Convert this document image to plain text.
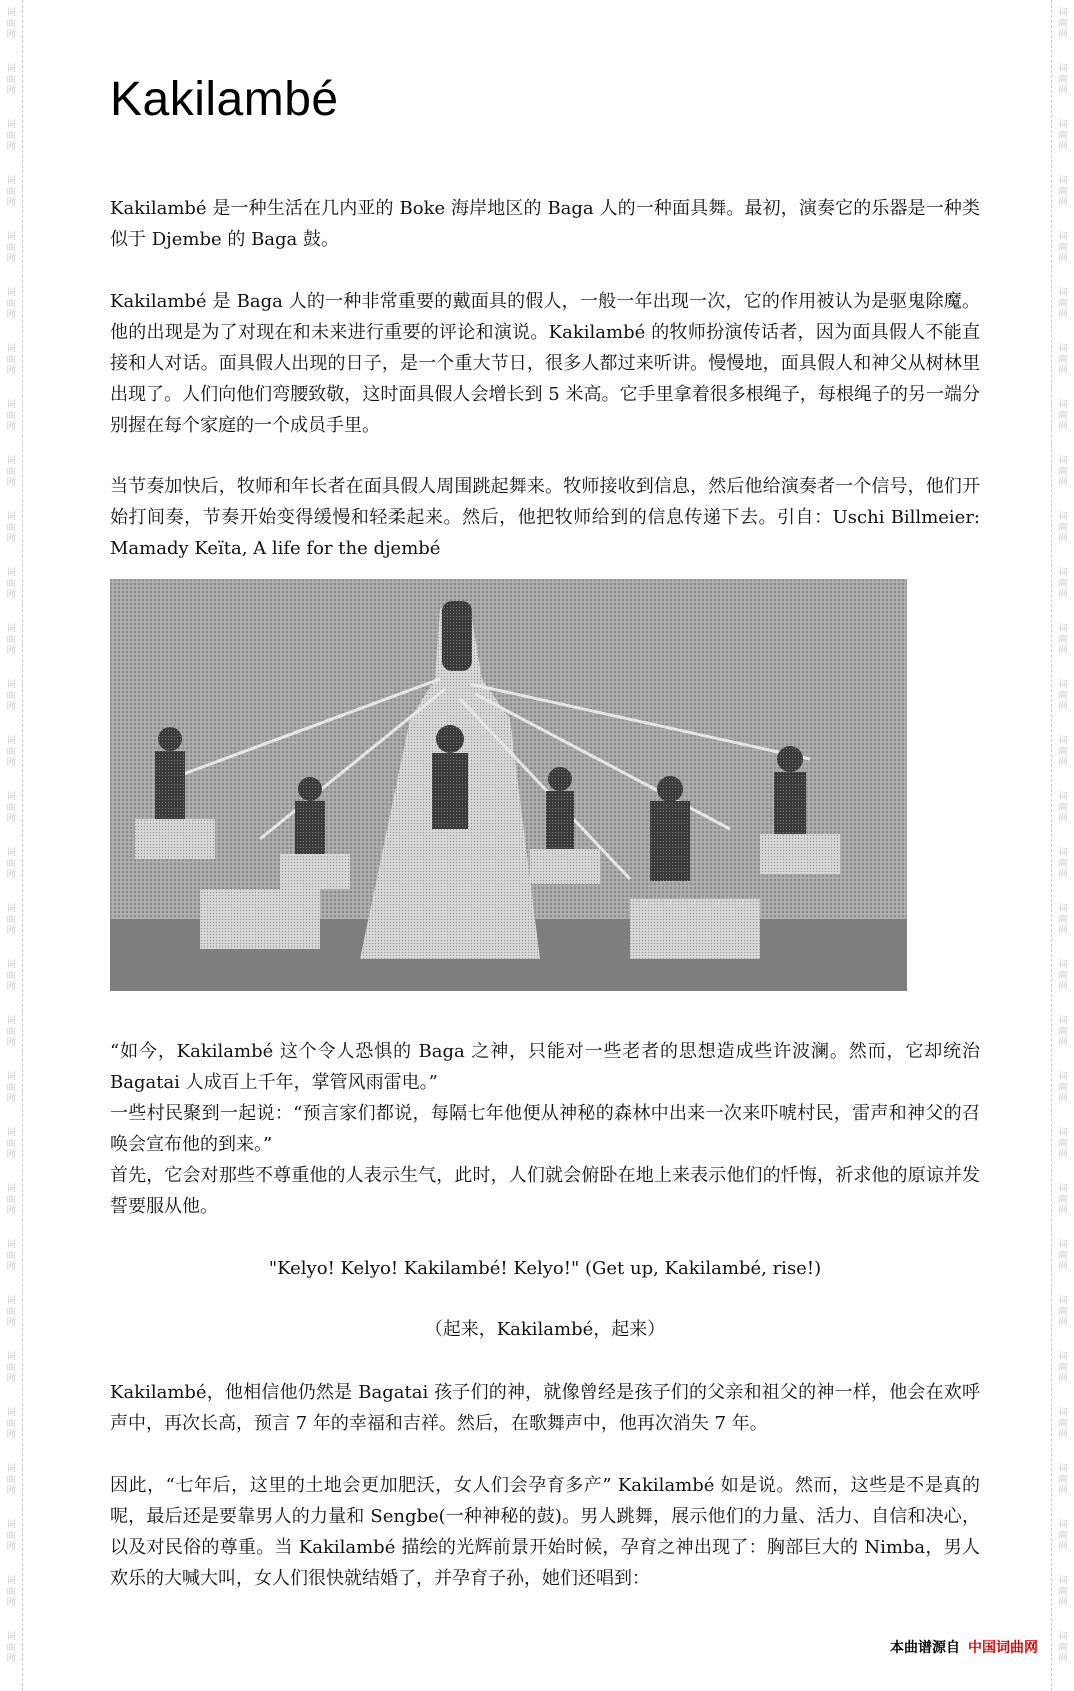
词
曲
网
词
曲
网
词
曲
网
词
曲
网
词
曲
网
词
曲
网
词
曲
网
词
曲
网
词
曲
网
词
曲
网
词
曲
网
词
曲
网
词
曲
网
词
曲
网
词
曲
网
词
曲
网
词
曲
网
词
曲
网
词
曲
网
词
曲
网
词
曲
网
词
曲
网
词
曲
网
词
曲
网
词
曲
网
词
曲
网
词
曲
网
词
曲
网
词
曲
网
词
曲
网
词
曲
网
词
曲
网
词
曲
网
词
曲
网
词
曲
网
词
曲
网
词
曲
网
词
曲
网
词
曲
网
词
曲
网
词
曲
网
词
曲
网
词
曲
网
词
曲
网
词
曲
网
词
曲
网
词
曲
网
词
曲
网
词
曲
网
词
曲
网
词
曲
网
词
曲
网
词
曲
网
词
曲
网
词
曲
网
词
曲
网
词
曲
网
词
曲
网
词
曲
网
词
曲
网
Kakilambé

Kakilambé 是一种生活在几内亚的 Boke 海岸地区的 Baga 人的一种面具舞。最初，演奏它的乐器是一种类似于 Djembe 的 Baga 鼓。

Kakilambé 是 Baga 人的一种非常重要的戴面具的假人，一般一年出现一次，它的作用被认为是驱鬼除魔。他的出现是为了对现在和未来进行重要的评论和演说。Kakilambé 的牧师扮演传话者，因为面具假人不能直接和人对话。面具假人出现的日子，是一个重大节日，很多人都过来听讲。慢慢地，面具假人和神父从树林里出现了。人们向他们弯腰致敬，这时面具假人会增长到 5 米高。它手里拿着很多根绳子，每根绳子的另一端分别握在每个家庭的一个成员手里。

当节奏加快后，牧师和年长者在面具假人周围跳起舞来。牧师接收到信息，然后他给演奏者一个信号，他们开始打间奏，节奏开始变得缓慢和轻柔起来。然后，他把牧师给到的信息传递下去。引自：Uschi Billmeier: Mamady Keïta, A life for the djembé

“如今，Kakilambé 这个令人恐惧的 Baga 之神，只能对一些老者的思想造成些许波澜。然而，它却统治 Bagatai 人成百上千年，掌管风雨雷电。”

一些村民聚到一起说：“预言家们都说，每隔七年他便从神秘的森林中出来一次来吓唬村民，雷声和神父的召唤会宣布他的到来。”

首先，它会对那些不尊重他的人表示生气，此时，人们就会俯卧在地上来表示他们的忏悔，祈求他的原谅并发誓要服从他。

"Kelyo! Kelyo! Kakilambé! Kelyo!" (Get up, Kakilambé, rise!)

（起来，Kakilambé，起来）

Kakilambé，他相信他仍然是 Bagatai 孩子们的神，就像曾经是孩子们的父亲和祖父的神一样，他会在欢呼声中，再次长高，预言 7 年的幸福和吉祥。然后，在歌舞声中，他再次消失 7 年。

因此，“七年后，这里的土地会更加肥沃，女人们会孕育多产” Kakilambé 如是说。然而，这些是不是真的呢，最后还是要靠男人的力量和 Sengbe(一种神秘的鼓)。男人跳舞，展示他们的力量、活力、自信和决心，以及对民俗的尊重。当 Kakilambé 描绘的光辉前景开始时候，孕育之神出现了：胸部巨大的 Nimba，男人欢乐的大喊大叫，女人们很快就结婚了，并孕育子孙，她们还唱到：

本曲谱源自 中国词曲网
